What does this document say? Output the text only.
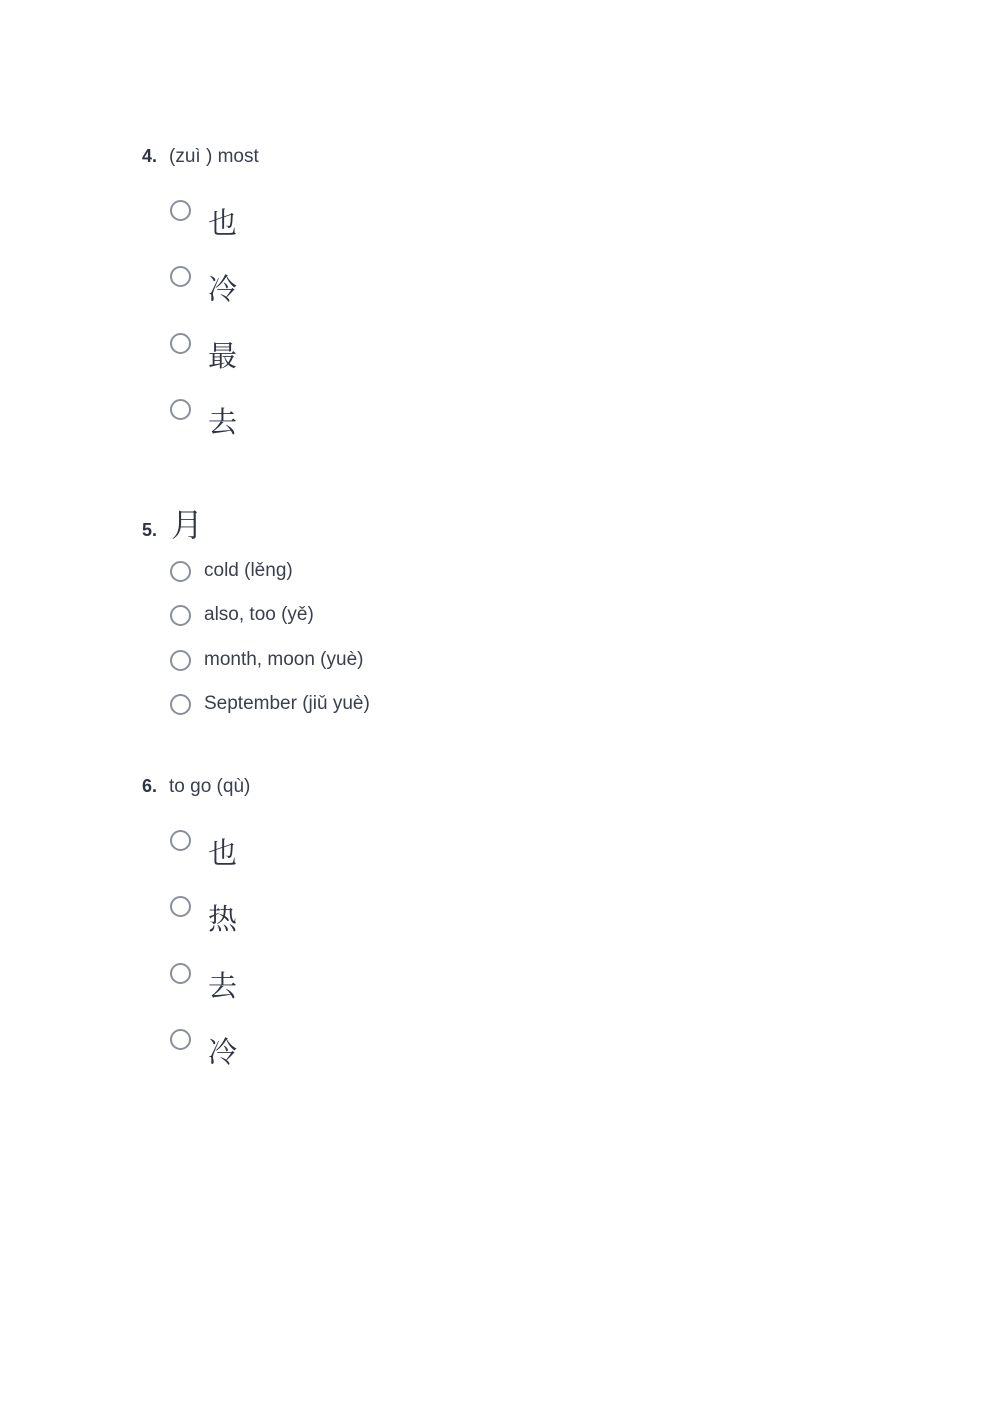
4. (zuì ) most
也
冷
最
去
5. 月
cold (lěng)
also, too (yě)
month, moon (yuè)
September (jiǔ yuè)
6. to go (qù)
也
热
去
冷
